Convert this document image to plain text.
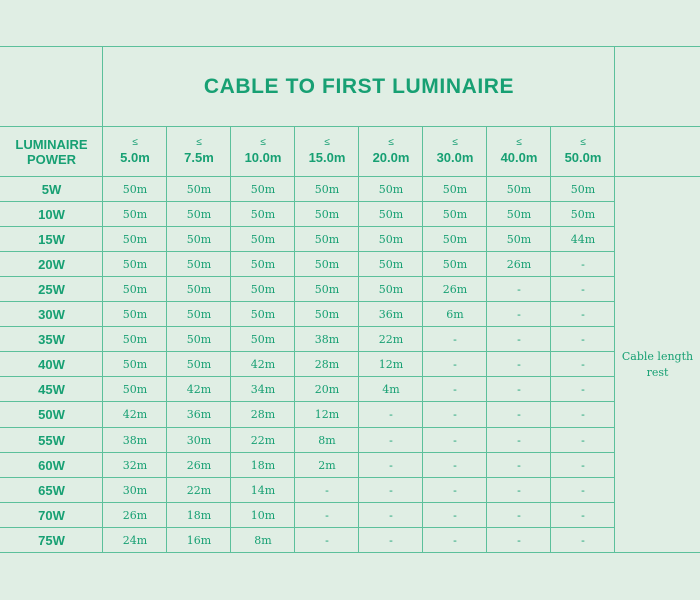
CABLE TO FIRST LUMINAIRE
LUMINAIRE
POWER
Cable length rest
≤
5.0m
≤
7.5m
≤
10.0m
≤
15.0m
≤
20.0m
≤
30.0m
≤
40.0m
≤
50.0m
5W	50m	50m	50m	50m	50m	50m	50m	50m
10W	50m	50m	50m	50m	50m	50m	50m	50m
15W	50m	50m	50m	50m	50m	50m	50m	44m
20W	50m	50m	50m	50m	50m	50m	26m	-
25W	50m	50m	50m	50m	50m	26m	-	-
30W	50m	50m	50m	50m	36m	6m	-	-
35W	50m	50m	50m	38m	22m	-	-	-
40W	50m	50m	42m	28m	12m	-	-	-
45W	50m	42m	34m	20m	4m	-	-	-
50W	42m	36m	28m	12m	-	-	-	-
55W	38m	30m	22m	8m	-	-	-	-
60W	32m	26m	18m	2m	-	-	-	-
65W	30m	22m	14m	-	-	-	-	-
70W	26m	18m	10m	-	-	-	-	-
75W	24m	16m	8m	-	-	-	-	-
